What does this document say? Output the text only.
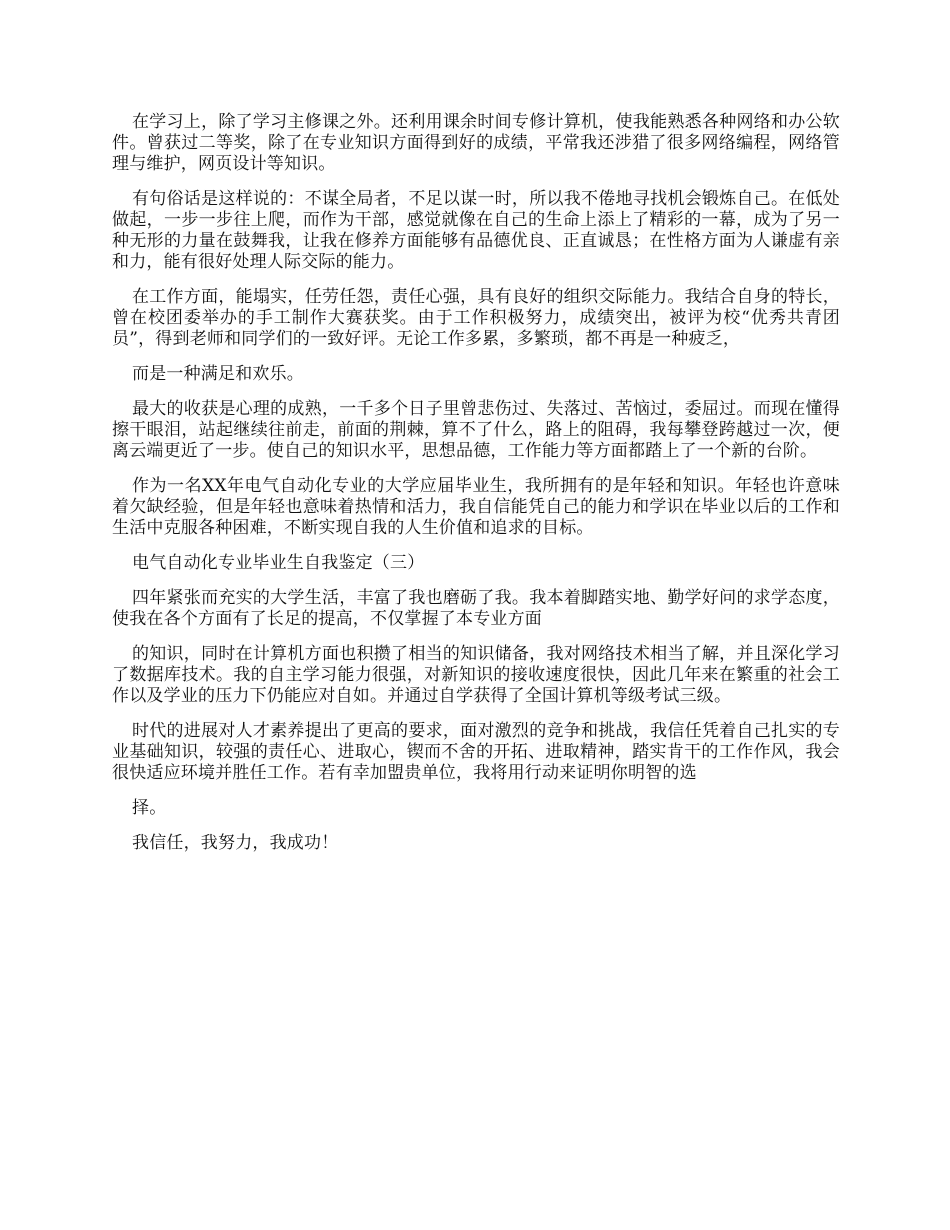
在学习上，除了学习主修课之外。还利用课余时间专修计算机，使我能熟悉各种网络和办公软件。曾获过二等奖，除了在专业知识方面得到好的成绩，平常我还涉猎了很多网络编程，网络管理与维护，网页设计等知识。

有句俗话是这样说的：不谋全局者，不足以谋一时，所以我不倦地寻找机会锻炼自己。在低处做起，一步一步往上爬，而作为干部，感觉就像在自己的生命上添上了精彩的一幕，成为了另一种无形的力量在鼓舞我，让我在修养方面能够有品德优良、正直诚恳；在性格方面为人谦虚有亲和力，能有很好处理人际交际的能力。

在工作方面，能塌实，任劳任怨，责任心强，具有良好的组织交际能力。我结合自身的特长，曾在校团委举办的手工制作大赛获奖。由于工作积极努力，成绩突出，被评为校“优秀共青团员”，得到老师和同学们的一致好评。无论工作多累，多繁琐，都不再是一种疲乏，

而是一种满足和欢乐。

最大的收获是心理的成熟，一千多个日子里曾悲伤过、失落过、苦恼过，委屈过。而现在懂得擦干眼泪，站起继续往前走，前面的荆棘，算不了什么，路上的阻碍，我每攀登跨越过一次，便离云端更近了一步。使自己的知识水平，思想品德，工作能力等方面都踏上了一个新的台阶。

作为一名XX年电气自动化专业的大学应届毕业生，我所拥有的是年轻和知识。年轻也许意味着欠缺经验，但是年轻也意味着热情和活力，我自信能凭自己的能力和学识在毕业以后的工作和生活中克服各种困难，不断实现自我的人生价值和追求的目标。

电气自动化专业毕业生自我鉴定（三）

四年紧张而充实的大学生活，丰富了我也磨砺了我。我本着脚踏实地、勤学好问的求学态度，使我在各个方面有了长足的提高，不仅掌握了本专业方面

的知识，同时在计算机方面也积攒了相当的知识储备，我对网络技术相当了解，并且深化学习了数据库技术。我的自主学习能力很强，对新知识的接收速度很快，因此几年来在繁重的社会工作以及学业的压力下仍能应对自如。并通过自学获得了全国计算机等级考试三级。

时代的进展对人才素养提出了更高的要求，面对激烈的竞争和挑战，我信任凭着自己扎实的专业基础知识，较强的责任心、进取心，锲而不舍的开拓、进取精神，踏实肯干的工作作风，我会很快适应环境并胜任工作。若有幸加盟贵单位，我将用行动来证明你明智的选

择。

我信任，我努力，我成功！
